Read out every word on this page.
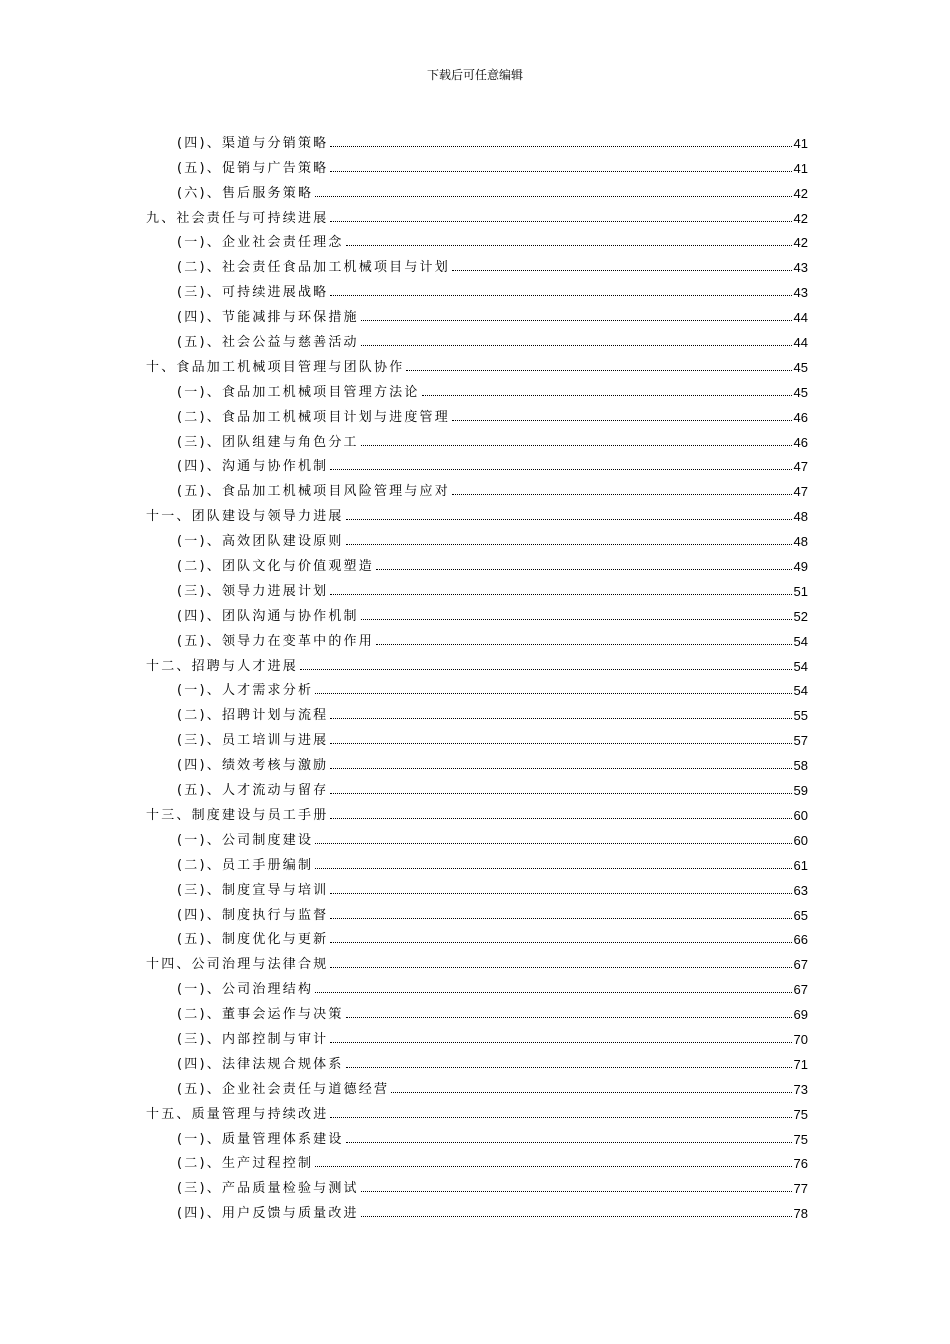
下载后可任意编辑
(四)、渠道与分销策略	41
(五)、促销与广告策略	41
(六)、售后服务策略	42
九、社会责任与可持续进展	42
(一)、企业社会责任理念	42
(二)、社会责任食品加工机械项目与计划	43
(三)、可持续进展战略	43
(四)、节能减排与环保措施	44
(五)、社会公益与慈善活动	44
十、食品加工机械项目管理与团队协作	45
(一)、食品加工机械项目管理方法论	45
(二)、食品加工机械项目计划与进度管理	46
(三)、团队组建与角色分工	46
(四)、沟通与协作机制	47
(五)、食品加工机械项目风险管理与应对	47
十一、团队建设与领导力进展	48
(一)、高效团队建设原则	48
(二)、团队文化与价值观塑造	49
(三)、领导力进展计划	51
(四)、团队沟通与协作机制	52
(五)、领导力在变革中的作用	54
十二、招聘与人才进展	54
(一)、人才需求分析	54
(二)、招聘计划与流程	55
(三)、员工培训与进展	57
(四)、绩效考核与激励	58
(五)、人才流动与留存	59
十三、制度建设与员工手册	60
(一)、公司制度建设	60
(二)、员工手册编制	61
(三)、制度宣导与培训	63
(四)、制度执行与监督	65
(五)、制度优化与更新	66
十四、公司治理与法律合规	67
(一)、公司治理结构	67
(二)、董事会运作与决策	69
(三)、内部控制与审计	70
(四)、法律法规合规体系	71
(五)、企业社会责任与道德经营	73
十五、质量管理与持续改进	75
(一)、质量管理体系建设	75
(二)、生产过程控制	76
(三)、产品质量检验与测试	77
(四)、用户反馈与质量改进	78
